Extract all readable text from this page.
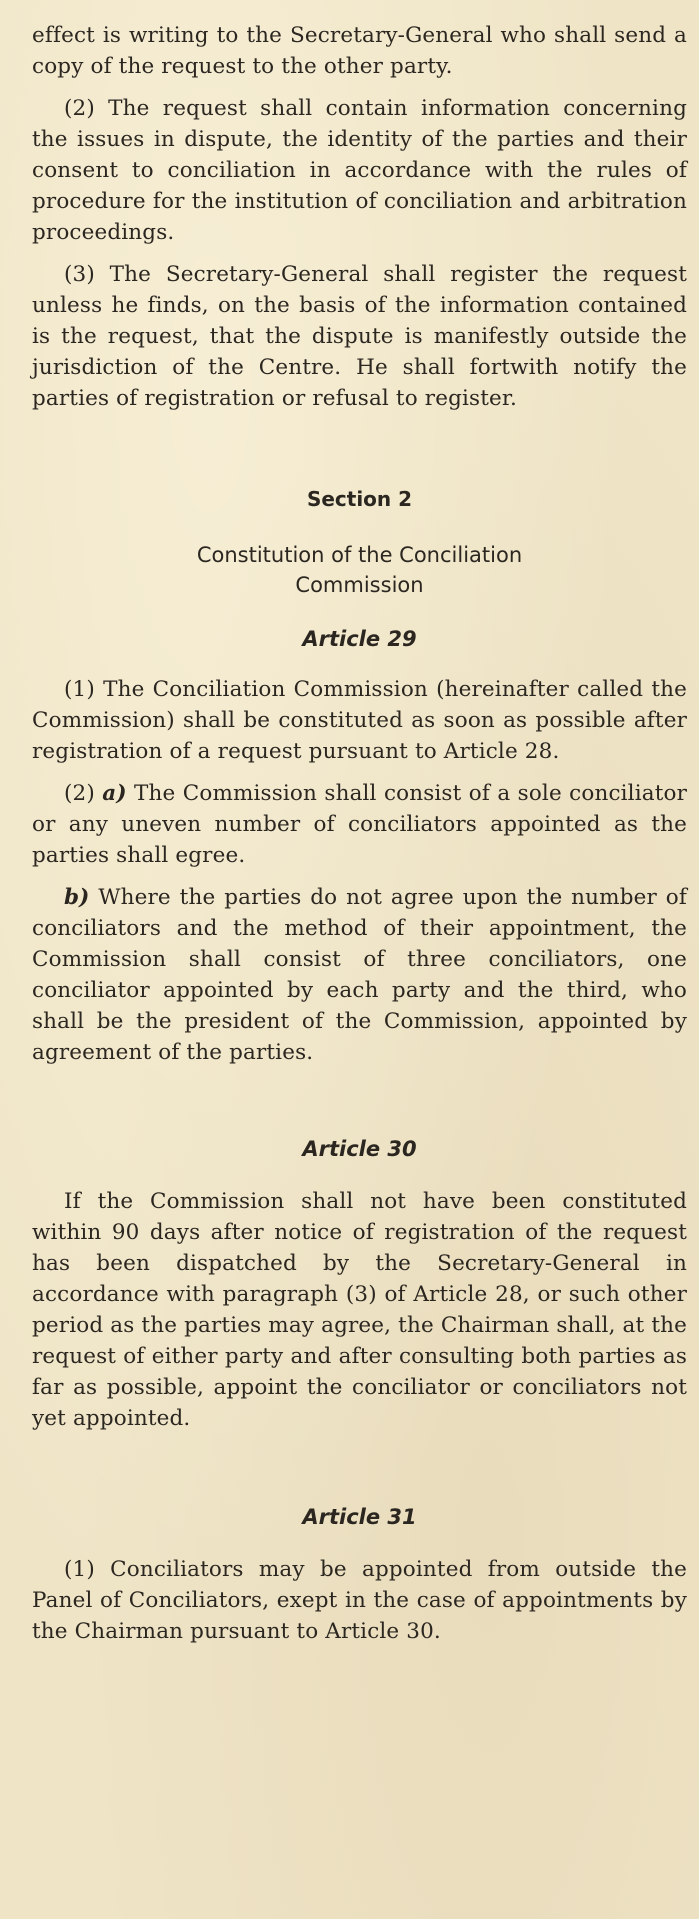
effect is writing to the Secretary-General who shall send a copy of the request to the other party.

(2) The request shall contain information concerning the issues in dispute, the identity of the parties and their consent to conciliation in accordance with the rules of procedure for the institution of conciliation and arbitration proceedings.

(3) The Secretary-General shall register the request unless he finds, on the basis of the information contained is the request, that the dispute is manifestly outside the jurisdiction of the Centre. He shall fortwith notify the parties of registration or refusal to register.

Section 2
Constitution of the Conciliation Commission
Article 29

(1) The Conciliation Commission (hereinafter called the Commission) shall be constituted as soon as possible after registration of a request pursuant to Article 28.

(2) a) The Commission shall consist of a sole conciliator or any uneven number of conciliators appointed as the parties shall egree.

b) Where the parties do not agree upon the number of conciliators and the method of their appointment, the Commission shall consist of three conciliators, one conciliator appointed by each party and the third, who shall be the president of the Commission, appointed by agreement of the parties.

Article 30

If the Commission shall not have been constituted within 90 days after notice of registration of the request has been dispatched by the Secretary-General in accordance with paragraph (3) of Article 28, or such other period as the parties may agree, the Chairman shall, at the request of either party and after consulting both parties as far as possible, appoint the conciliator or conciliators not yet appointed.

Article 31

(1) Conciliators may be appointed from outside the Panel of Conciliators, exept in the case of appointments by the Chairman pursuant to Article 30.
